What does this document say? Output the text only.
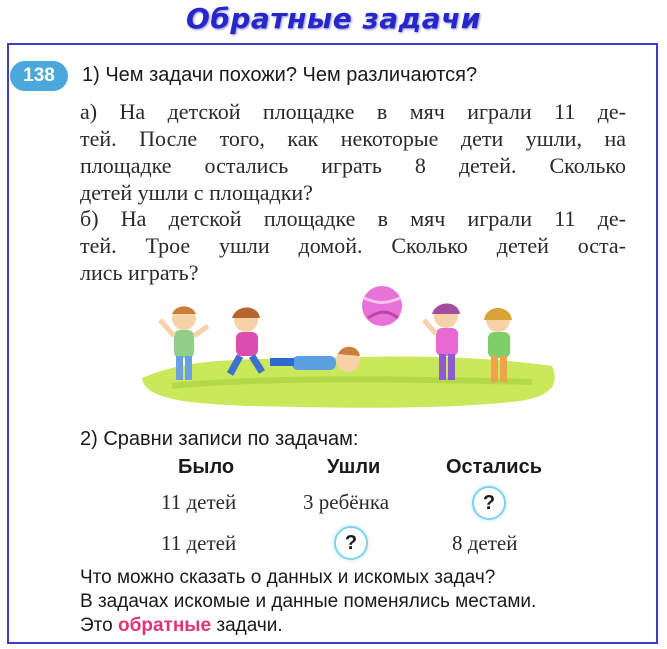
Обратные задачи
138	1) Чем задачи похожи? Чем различаются?
а) На детской площадке в мяч играли 11 де-
тей. После того, как некоторые дети ушли, на
площадке остались играть 8 детей. Сколько
детей ушли с площадки?
б) На детской площадке в мяч играли 11 де-
тей. Трое ушли домой. Сколько детей оста-
лись играть?
2) Сравни записи по задачам:
Было	Ушли	Остались
11 детей	3 ребёнка	?
11 детей	?	8 детей
Что можно сказать о данных и искомых задач?
В задачах искомые и данные поменялись местами.
Это обратные задачи.
